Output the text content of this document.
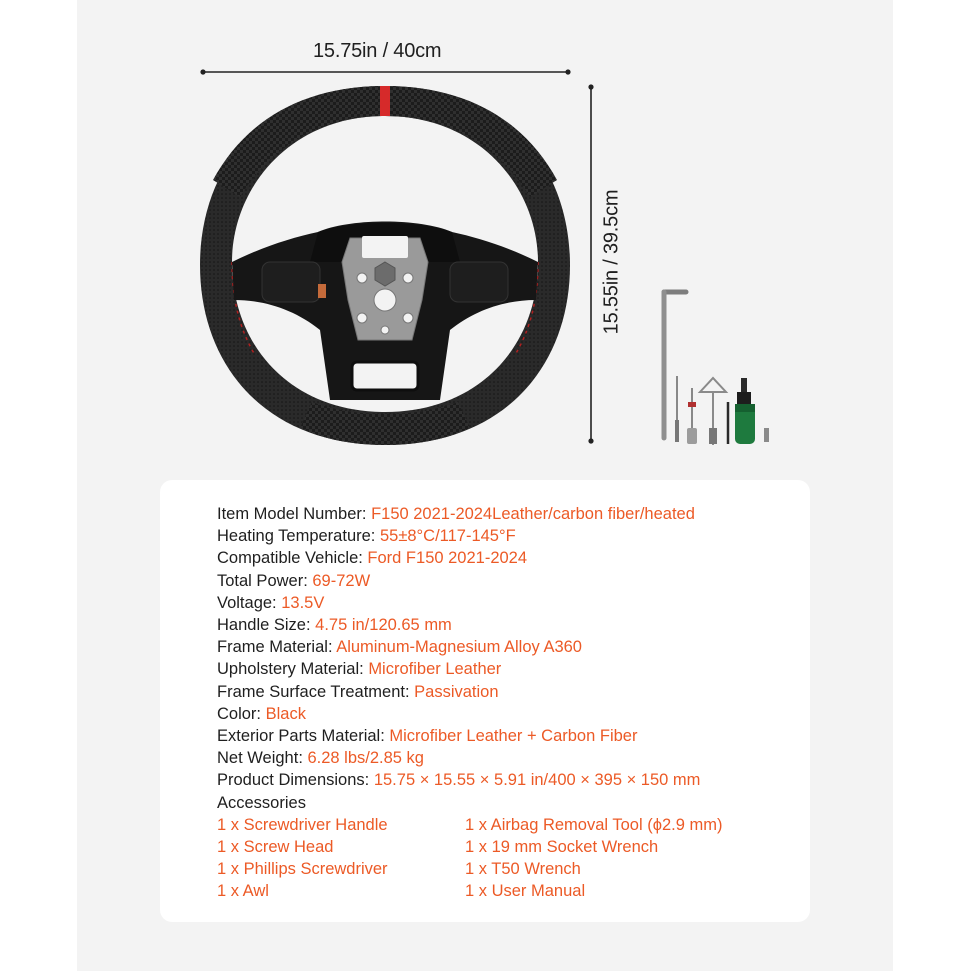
15.75in / 40cm
15.55in / 39.5cm
Item Model Number: F150 2021-2024Leather/carbon fiber/heated
Heating Temperature: 55±8°C/117-145°F
Compatible Vehicle: Ford F150 2021-2024
Total Power: 69-72W
Voltage: 13.5V
Handle Size: 4.75 in/120.65 mm
Frame Material: Aluminum-Magnesium Alloy A360
Upholstery Material: Microfiber Leather
Frame Surface Treatment: Passivation
Color: Black
Exterior Parts Material: Microfiber Leather + Carbon Fiber
Net Weight: 6.28 lbs/2.85 kg
Product Dimensions: 15.75 × 15.55 × 5.91 in/400 × 395 × 150 mm
Accessories
1 x Screwdriver Handle	1 x Airbag Removal Tool (ϕ2.9 mm)
1 x Screw Head	1 x 19 mm Socket Wrench
1 x Phillips Screwdriver	1 x T50 Wrench
1 x Awl	1 x User Manual
